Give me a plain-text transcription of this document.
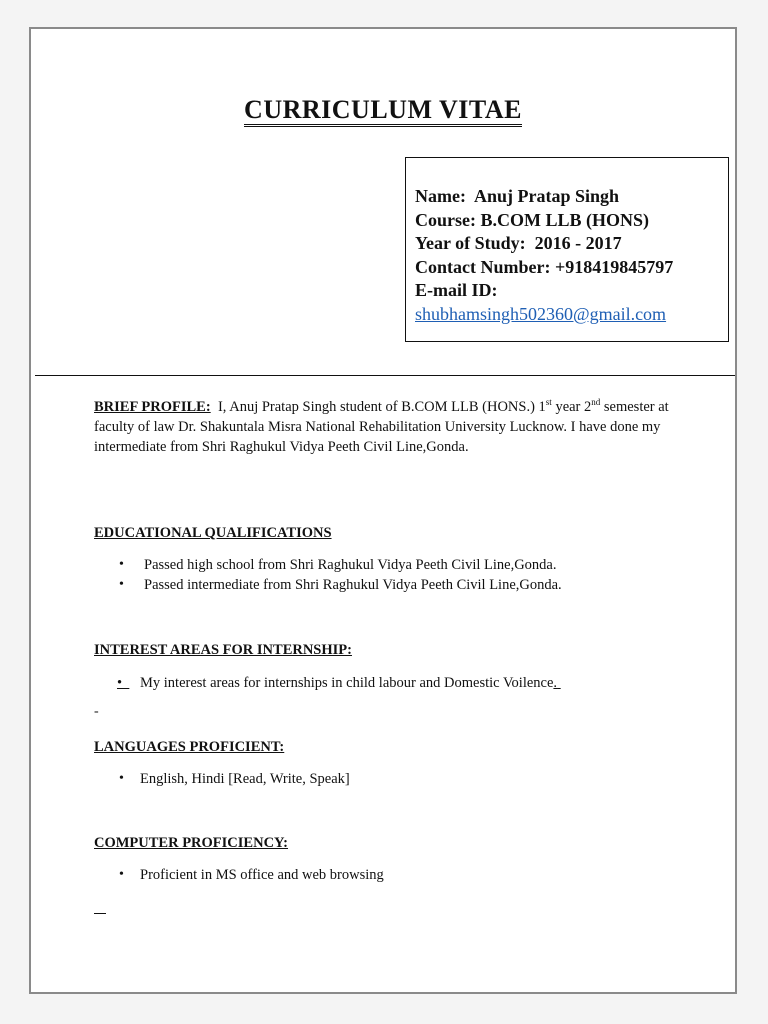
CURRICULUM VITAE
Name: Anuj Pratap Singh
Course: B.COM LLB (HONS)
Year of Study: 2016 - 2017
Contact Number: +918419845797
E-mail ID:
shubhamsingh502360@gmail.com
BRIEF PROFILE: I, Anuj Pratap Singh student of B.COM LLB (HONS.) 1st year 2nd semester at faculty of law Dr. Shakuntala Misra National Rehabilitation University Lucknow. I have done my intermediate from Shri Raghukul Vidya Peeth Civil Line,Gonda.
EDUCATIONAL QUALIFICATIONS
• Passed high school from Shri Raghukul Vidya Peeth Civil Line,Gonda.
• Passed intermediate from Shri Raghukul Vidya Peeth Civil Line,Gonda.
INTEREST AREAS FOR INTERNSHIP:
• My interest areas for internships in child labour and Domestic Voilence.
-
LANGUAGES PROFICIENT:
• English, Hindi [Read, Write, Speak]
COMPUTER PROFICIENCY:
• Proficient in MS office and web browsing
